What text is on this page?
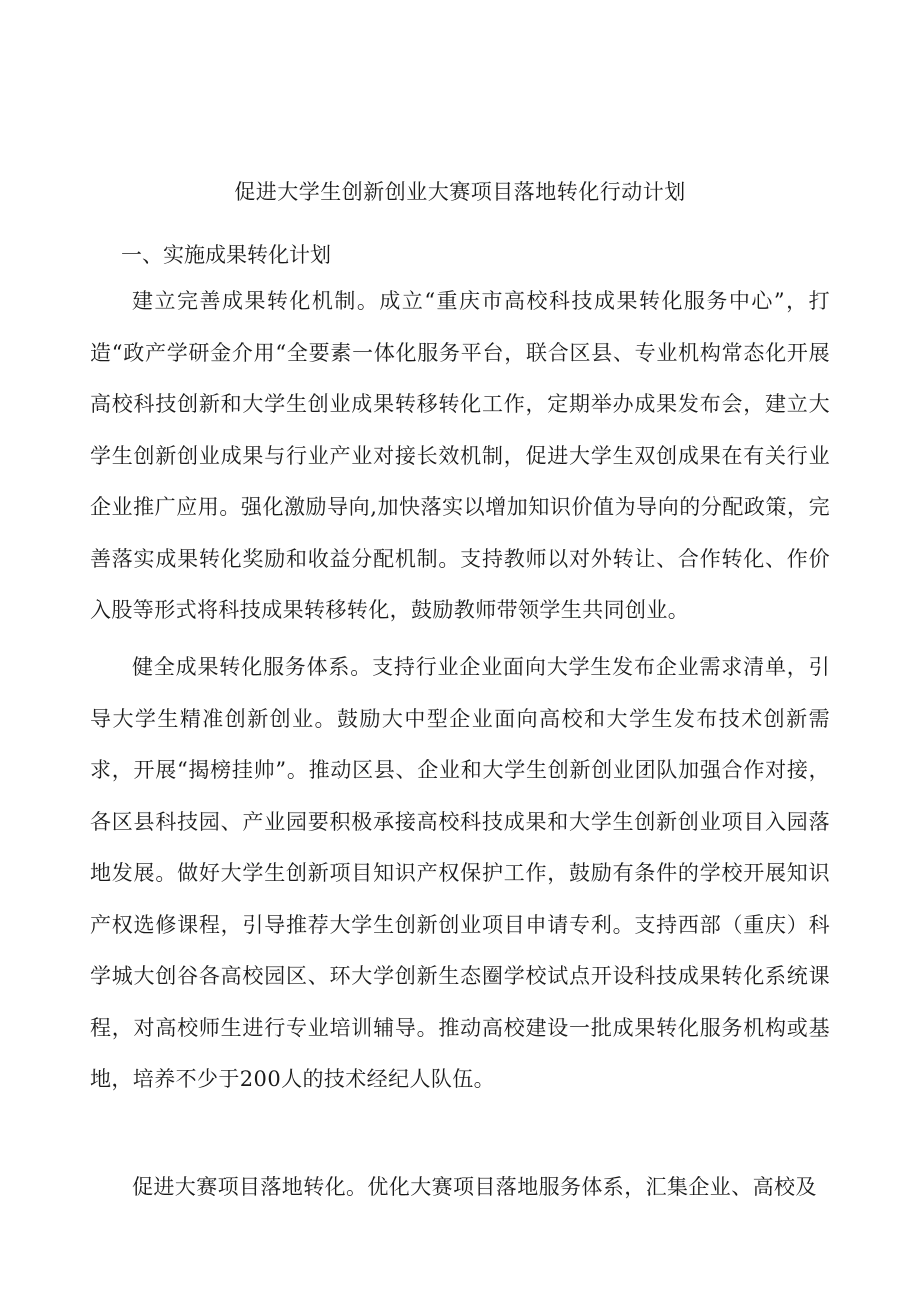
促进大学生创新创业大赛项目落地转化行动计划
一、实施成果转化计划

建立完善成果转化机制。成立“重庆市高校科技成果转化服务中心”，打造“政产学研金介用“全要素一体化服务平台，联合区县、专业机构常态化开展高校科技创新和大学生创业成果转移转化工作，定期举办成果发布会，建立大学生创新创业成果与行业产业对接长效机制，促进大学生双创成果在有关行业企业推广应用。强化激励导向,加快落实以增加知识价值为导向的分配政策，完善落实成果转化奖励和收益分配机制。支持教师以对外转让、合作转化、作价入股等形式将科技成果转移转化，鼓励教师带领学生共同创业。

健全成果转化服务体系。支持行业企业面向大学生发布企业需求清单，引导大学生精准创新创业。鼓励大中型企业面向高校和大学生发布技术创新需求，开展“揭榜挂帅”。推动区县、企业和大学生创新创业团队加强合作对接，各区县科技园、产业园要积极承接高校科技成果和大学生创新创业项目入园落地发展。做好大学生创新项目知识产权保护工作，鼓励有条件的学校开展知识产权选修课程，引导推荐大学生创新创业项目申请专利。支持西部（重庆）科学城大创谷各高校园区、环大学创新生态圈学校试点开设科技成果转化系统课程，对高校师生进行专业培训辅导。推动高校建设一批成果转化服务机构或基地，培养不少于200人的技术经纪人队伍。

促进大赛项目落地转化。优化大赛项目落地服务体系，汇集企业、高校及
